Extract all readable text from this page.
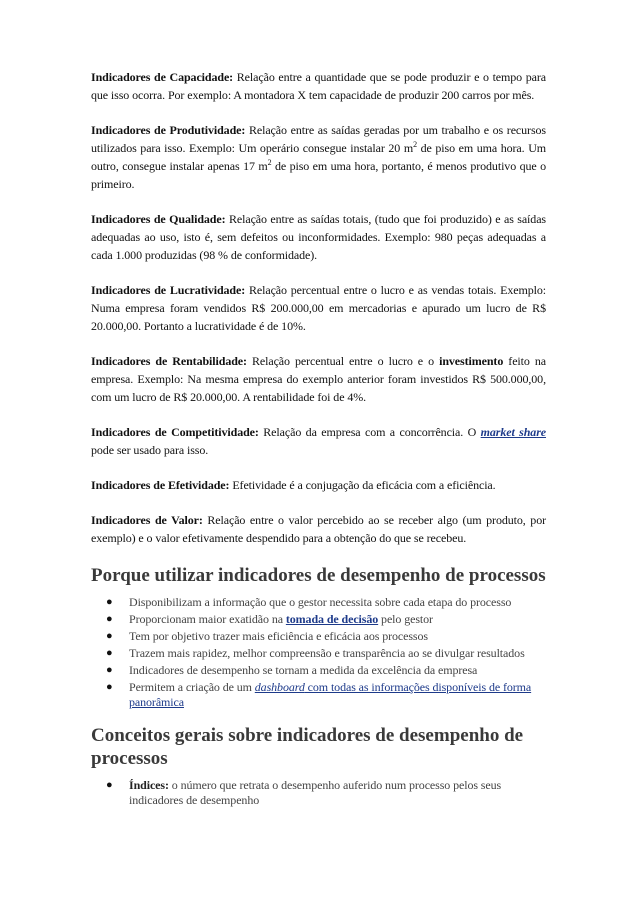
Indicadores de Capacidade: Relação entre a quantidade que se pode produzir e o tempo para que isso ocorra. Por exemplo: A montadora X tem capacidade de produzir 200 carros por mês.

Indicadores de Produtividade: Relação entre as saídas geradas por um trabalho e os recursos utilizados para isso. Exemplo: Um operário consegue instalar 20 $m^2$ de piso em uma hora. Um outro, consegue instalar apenas 17 $m^2$ de piso em uma hora, portanto, é menos produtivo que o primeiro.

Indicadores de Qualidade: Relação entre as saídas totais, (tudo que foi produzido) e as saídas adequadas ao uso, isto é, sem defeitos ou inconformidades. Exemplo: 980 peças adequadas a cada 1.000 produzidas (98 % de conformidade).

Indicadores de Lucratividade: Relação percentual entre o lucro e as vendas totais. Exemplo: Numa empresa foram vendidos R$ 200.000,00 em mercadorias e apurado um lucro de R$ 20.000,00. Portanto a lucratividade é de 10%.

Indicadores de Rentabilidade: Relação percentual entre o lucro e o investimento feito na empresa. Exemplo: Na mesma empresa do exemplo anterior foram investidos R$ 500.000,00, com um lucro de R$ 20.000,00. A rentabilidade foi de 4%.

Indicadores de Competitividade: Relação da empresa com a concorrência. O market share pode ser usado para isso.

Indicadores de Efetividade: Efetividade é a conjugação da eficácia com a eficiência.

Indicadores de Valor: Relação entre o valor percebido ao se receber algo (um produto, por exemplo) e o valor efetivamente despendido para a obtenção do que se recebeu.

Porque utilizar indicadores de desempenho de processos
● Disponibilizam a informação que o gestor necessita sobre cada etapa do processo
● Proporcionam maior exatidão na tomada de decisão pelo gestor
● Tem por objetivo trazer mais eficiência e eficácia aos processos
● Trazem mais rapidez, melhor compreensão e transparência ao se divulgar resultados
● Indicadores de desempenho se tornam a medida da excelência da empresa
● Permitem a criação de um dashboard com todas as informações disponíveis de forma panorâmica
Conceitos gerais sobre indicadores de desempenho de processos
● Índices: o número que retrata o desempenho auferido num processo pelos seus indicadores de desempenho
